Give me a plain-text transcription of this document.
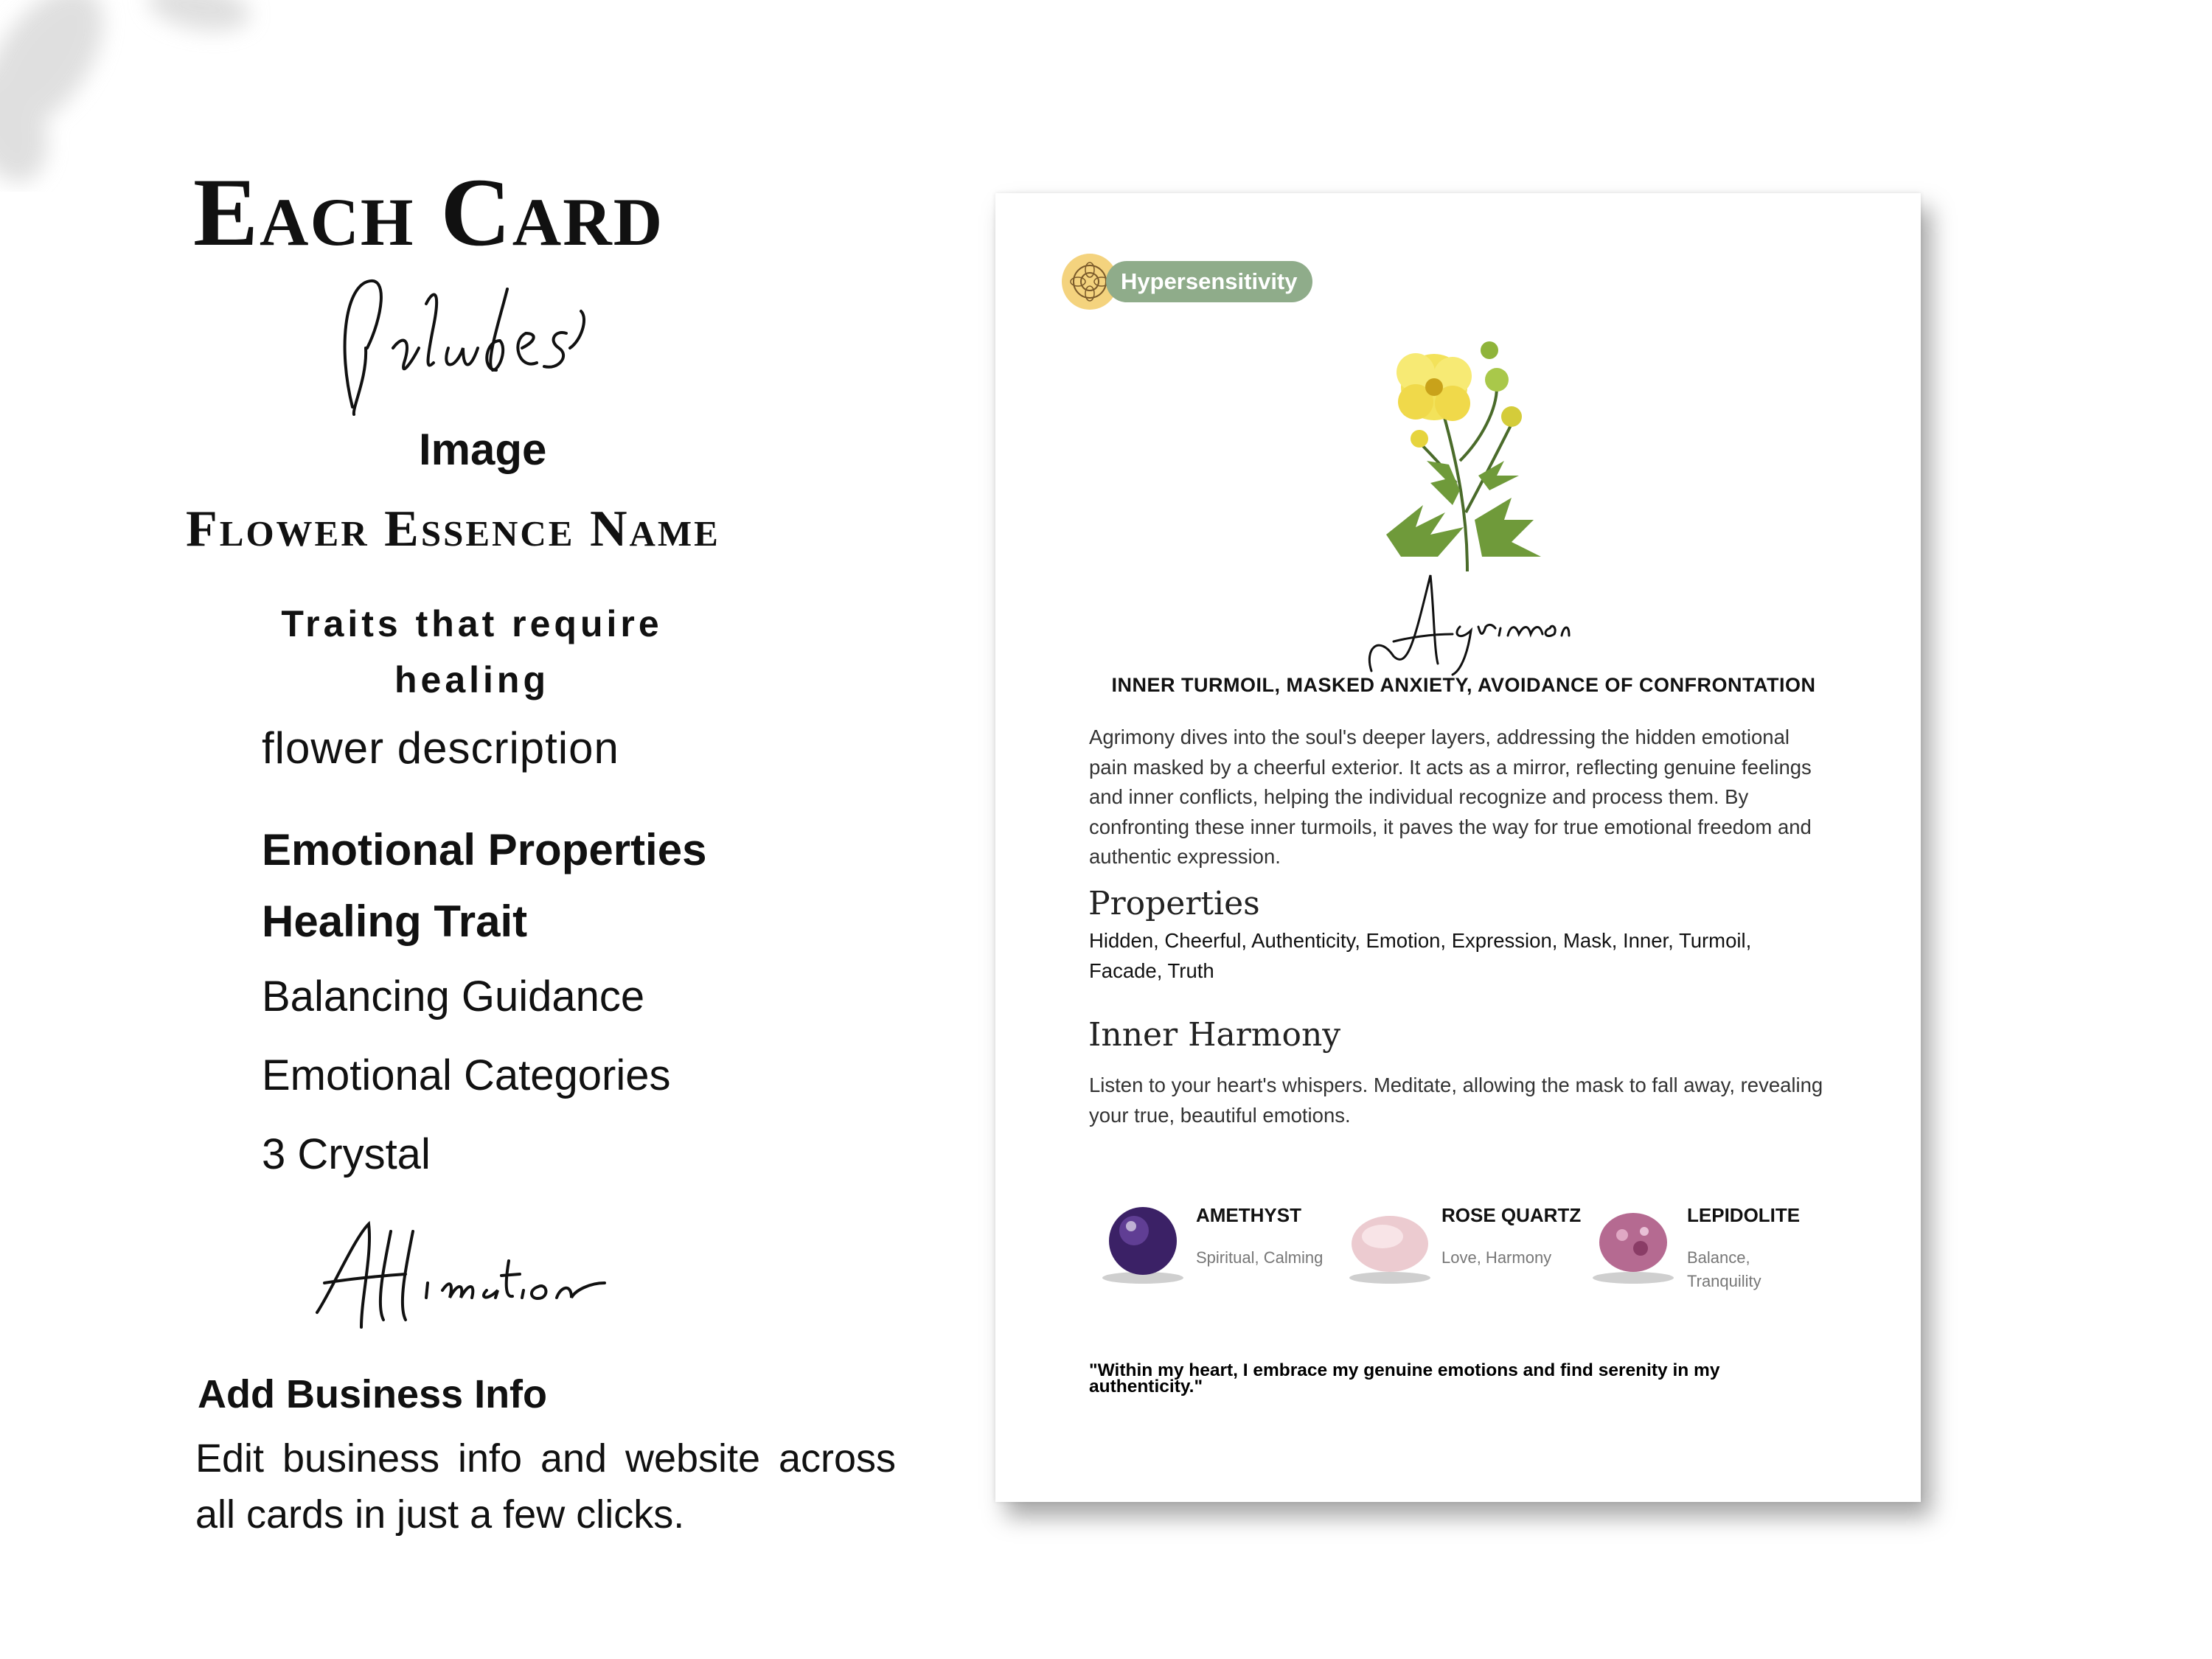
Each Card
Image
Flower Essence Name
Traits that require healing
flower description
Emotional Properties
Healing Trait
Balancing Guidance
Emotional Categories
3 Crystal
Add Business Info
Edit business info and website across all cards in just a few clicks.
Hypersensitivity
INNER TURMOIL, MASKED ANXIETY, AVOIDANCE OF CONFRONTATION
Agrimony dives into the soul's deeper layers, addressing the hidden emotional pain masked by a cheerful exterior. It acts as a mirror, reflecting genuine feelings and inner conflicts, helping the individual recognize and process them. By confronting these inner turmoils, it paves the way for true emotional freedom and authentic expression.
Properties
Hidden, Cheerful, Authenticity, Emotion, Expression, Mask, Inner, Turmoil, Facade, Truth
Inner Harmony
Listen to your heart's whispers. Meditate, allowing the mask to fall away, revealing your true, beautiful emotions.
AMETHYST
Spiritual, Calming
ROSE QUARTZ
Love, Harmony
LEPIDOLITE
Balance, Tranquility
"Within my heart, I embrace my genuine emotions and find serenity in my authenticity."
